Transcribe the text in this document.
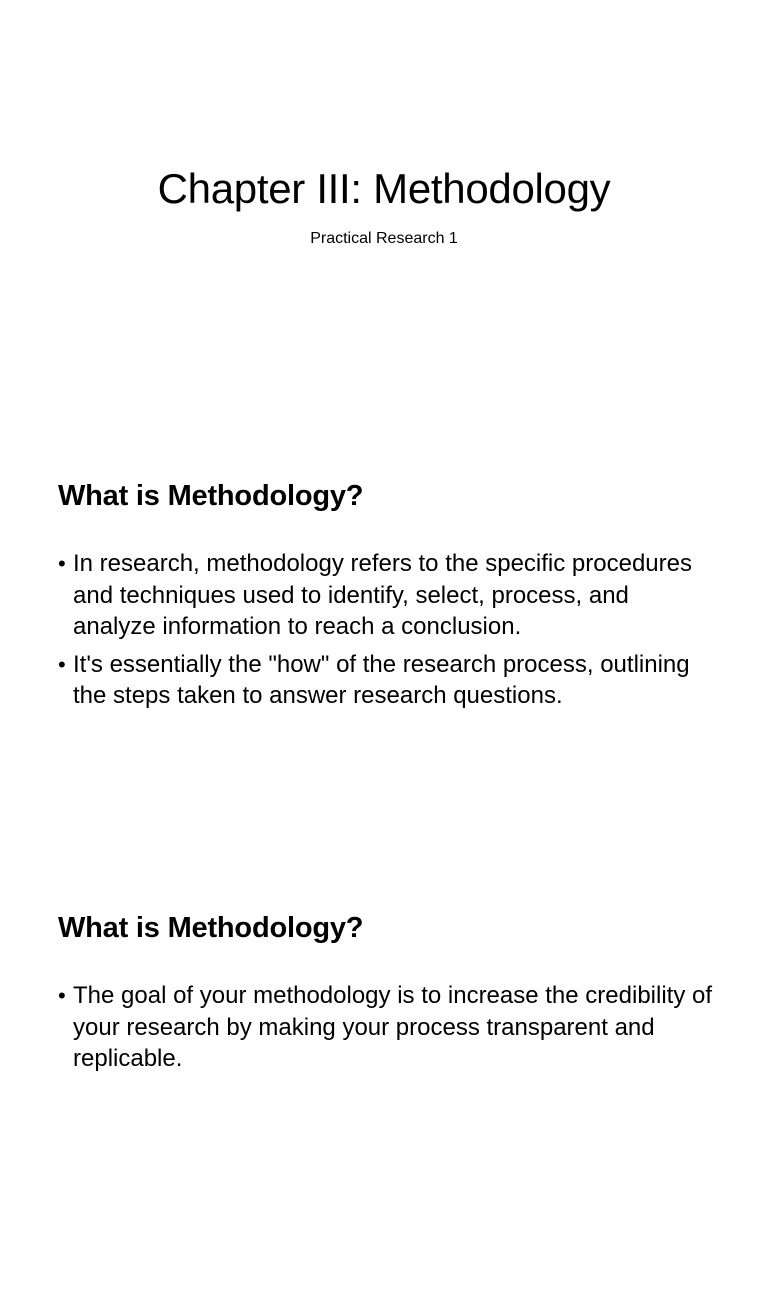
Chapter III: Methodology
Practical Research 1
What is Methodology?
• In research, methodology refers to the specific procedures and techniques used to identify, select, process, and analyze information to reach a conclusion.
• It's essentially the "how" of the research process, outlining the steps taken to answer research questions.
What is Methodology?
• The goal of your methodology is to increase the credibility of your research by making your process transparent and replicable.
